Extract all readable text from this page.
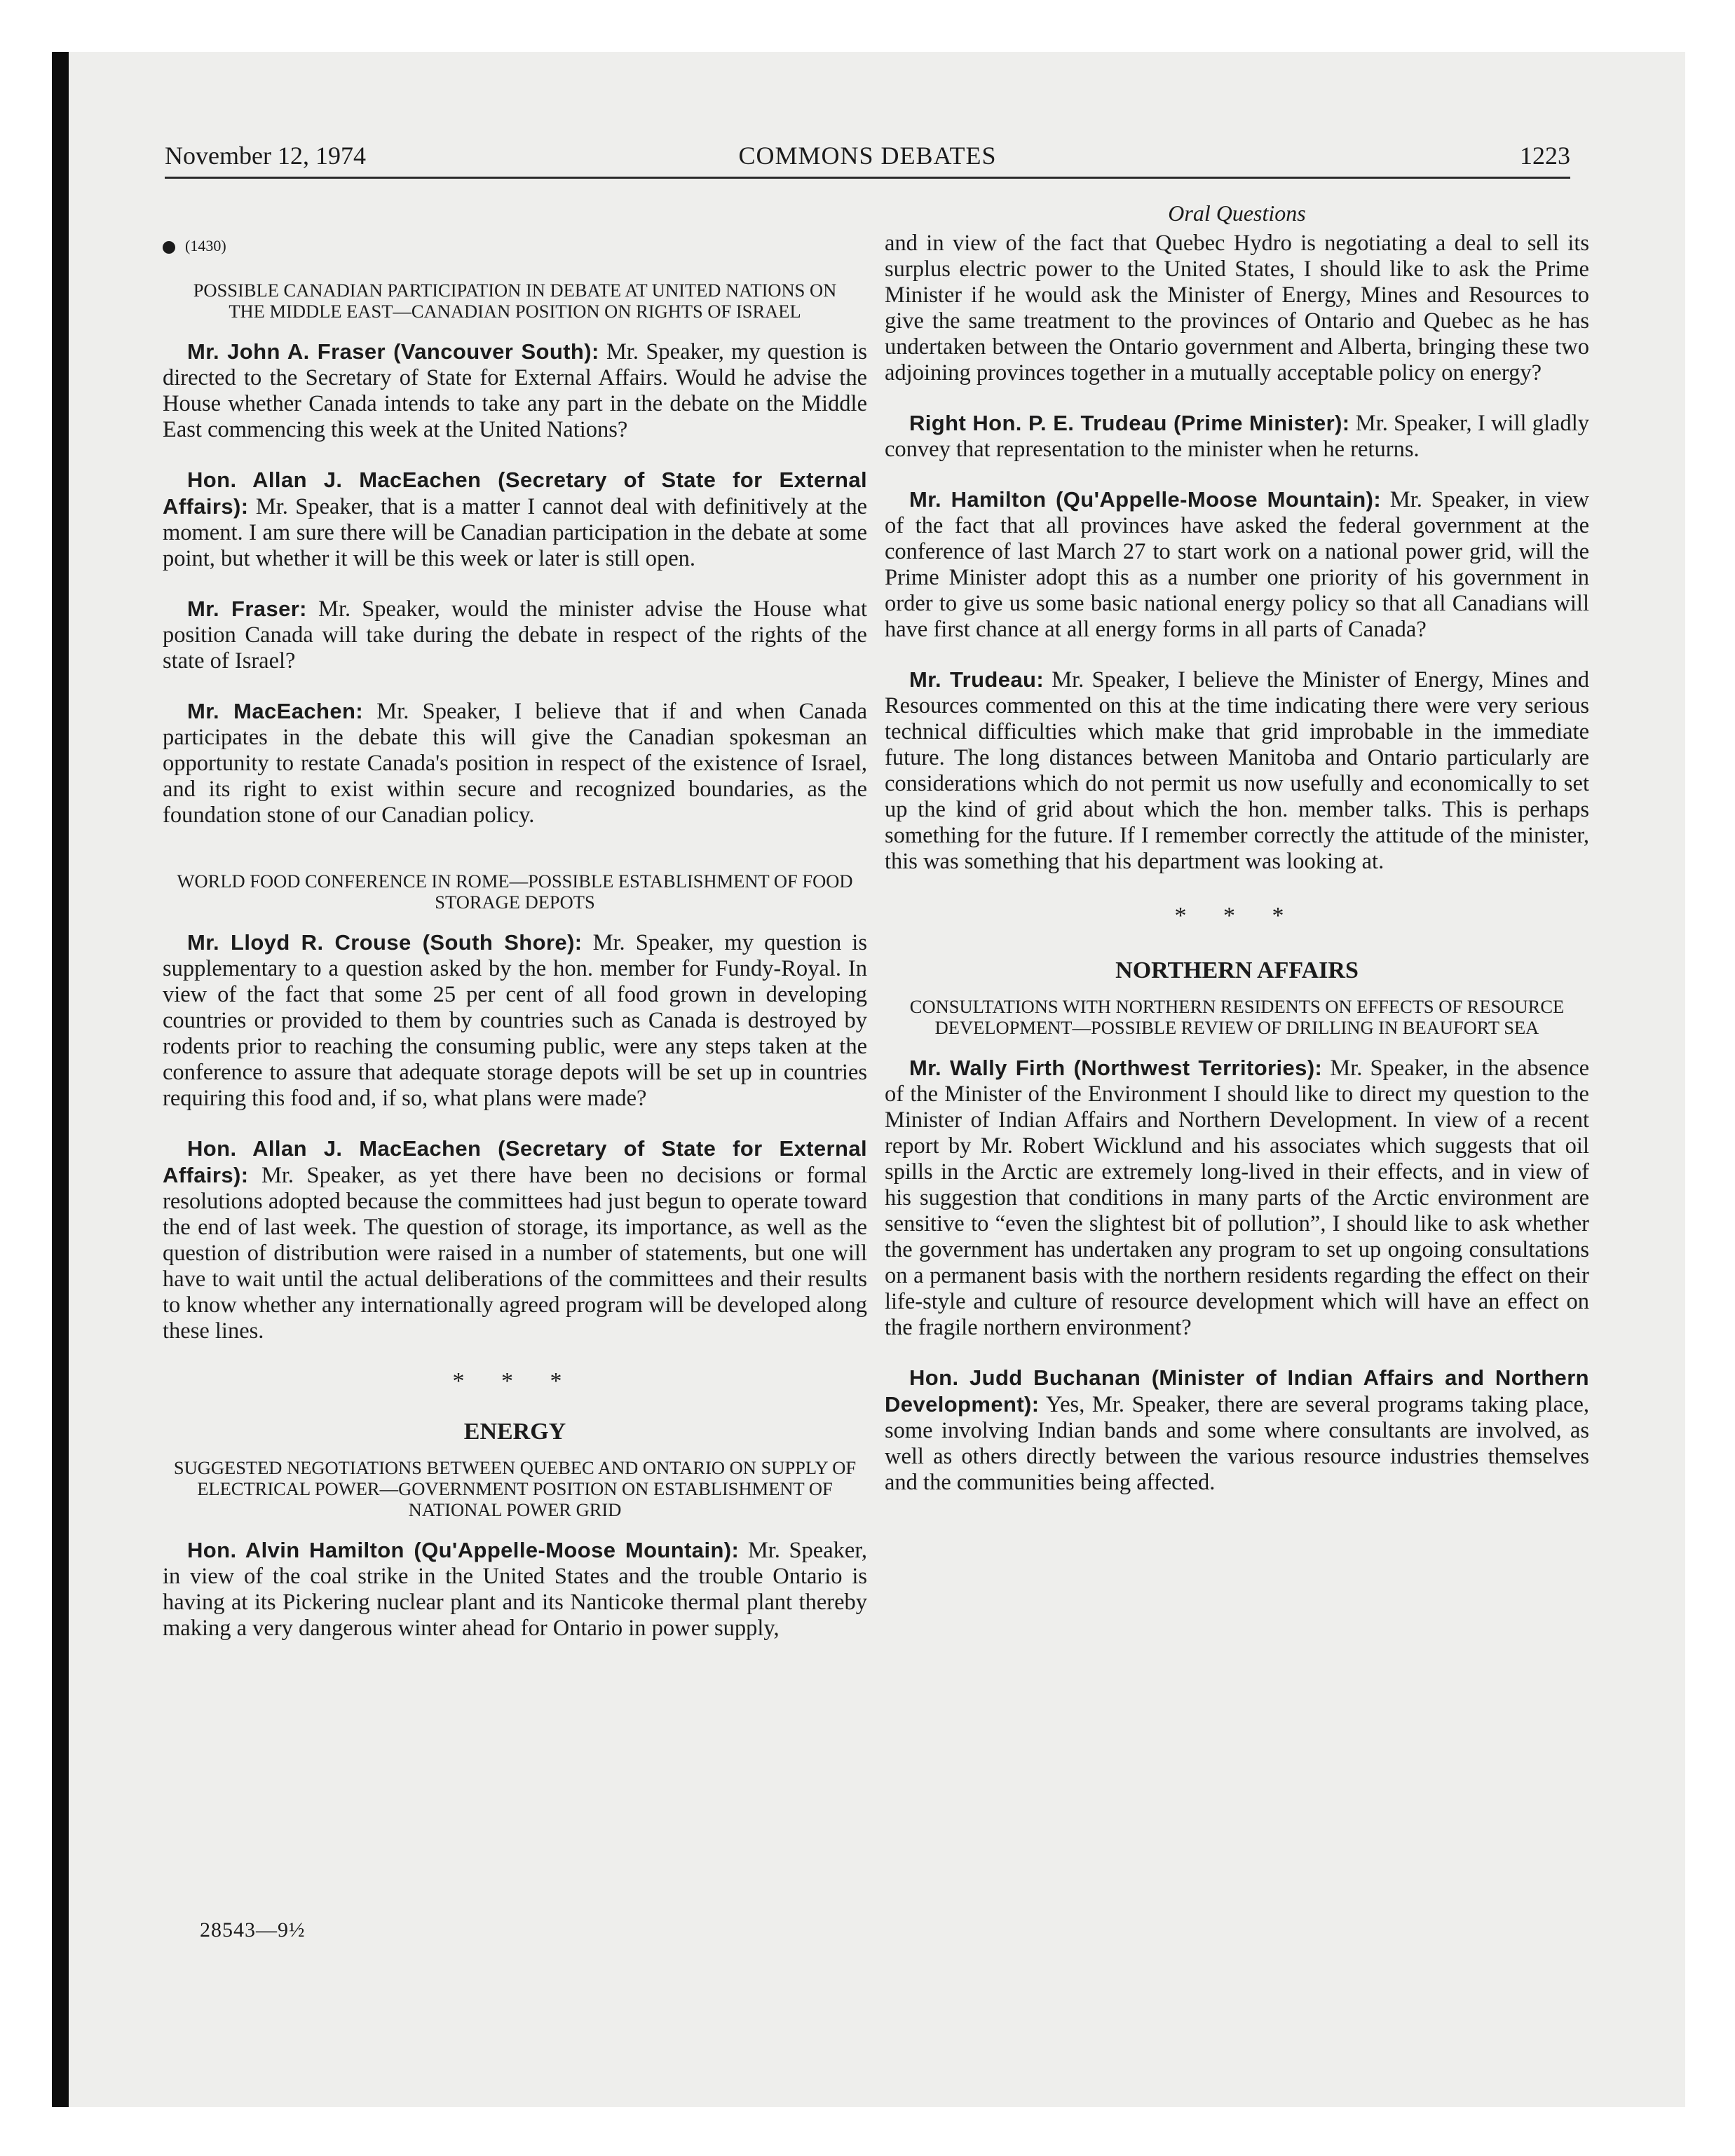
November 12, 1974	COMMONS DEBATES	1223
(1430)
POSSIBLE CANADIAN PARTICIPATION IN DEBATE AT UNITED NATIONS ON THE MIDDLE EAST—CANADIAN POSITION ON RIGHTS OF ISRAEL

Mr. John A. Fraser (Vancouver South): Mr. Speaker, my question is directed to the Secretary of State for External Affairs. Would he advise the House whether Canada intends to take any part in the debate on the Middle East commencing this week at the United Nations?

Hon. Allan J. MacEachen (Secretary of State for External Affairs): Mr. Speaker, that is a matter I cannot deal with definitively at the moment. I am sure there will be Canadian participation in the debate at some point, but whether it will be this week or later is still open.

Mr. Fraser: Mr. Speaker, would the minister advise the House what position Canada will take during the debate in respect of the rights of the state of Israel?

Mr. MacEachen: Mr. Speaker, I believe that if and when Canada participates in the debate this will give the Canadian spokesman an opportunity to restate Canada's position in respect of the existence of Israel, and its right to exist within secure and recognized boundaries, as the foundation stone of our Canadian policy.

WORLD FOOD CONFERENCE IN ROME—POSSIBLE ESTABLISHMENT OF FOOD STORAGE DEPOTS

Mr. Lloyd R. Crouse (South Shore): Mr. Speaker, my question is supplementary to a question asked by the hon. member for Fundy-Royal. In view of the fact that some 25 per cent of all food grown in developing countries or provided to them by countries such as Canada is destroyed by rodents prior to reaching the consuming public, were any steps taken at the conference to assure that adequate storage depots will be set up in countries requiring this food and, if so, what plans were made?

Hon. Allan J. MacEachen (Secretary of State for External Affairs): Mr. Speaker, as yet there have been no decisions or formal resolutions adopted because the committees had just begun to operate toward the end of last week. The question of storage, its importance, as well as the question of distribution were raised in a number of statements, but one will have to wait until the actual deliberations of the committees and their results to know whether any internationally agreed program will be developed along these lines.

* * *
ENERGY
SUGGESTED NEGOTIATIONS BETWEEN QUEBEC AND ONTARIO ON SUPPLY OF ELECTRICAL POWER—GOVERNMENT POSITION ON ESTABLISHMENT OF NATIONAL POWER GRID

Hon. Alvin Hamilton (Qu'Appelle-Moose Mountain): Mr. Speaker, in view of the coal strike in the United States and the trouble Ontario is having at its Pickering nuclear plant and its Nanticoke thermal plant thereby making a very dangerous winter ahead for Ontario in power supply,

Oral Questions

and in view of the fact that Quebec Hydro is negotiating a deal to sell its surplus electric power to the United States, I should like to ask the Prime Minister if he would ask the Minister of Energy, Mines and Resources to give the same treatment to the provinces of Ontario and Quebec as he has undertaken between the Ontario government and Alberta, bringing these two adjoining provinces together in a mutually acceptable policy on energy?

Right Hon. P. E. Trudeau (Prime Minister): Mr. Speaker, I will gladly convey that representation to the minister when he returns.

Mr. Hamilton (Qu'Appelle-Moose Mountain): Mr. Speaker, in view of the fact that all provinces have asked the federal government at the conference of last March 27 to start work on a national power grid, will the Prime Minister adopt this as a number one priority of his government in order to give us some basic national energy policy so that all Canadians will have first chance at all energy forms in all parts of Canada?

Mr. Trudeau: Mr. Speaker, I believe the Minister of Energy, Mines and Resources commented on this at the time indicating there were very serious technical difficulties which make that grid improbable in the immediate future. The long distances between Manitoba and Ontario particularly are considerations which do not permit us now usefully and economically to set up the kind of grid about which the hon. member talks. This is perhaps something for the future. If I remember correctly the attitude of the minister, this was something that his department was looking at.

* * *
NORTHERN AFFAIRS
CONSULTATIONS WITH NORTHERN RESIDENTS ON EFFECTS OF RESOURCE DEVELOPMENT—POSSIBLE REVIEW OF DRILLING IN BEAUFORT SEA

Mr. Wally Firth (Northwest Territories): Mr. Speaker, in the absence of the Minister of the Environment I should like to direct my question to the Minister of Indian Affairs and Northern Development. In view of a recent report by Mr. Robert Wicklund and his associates which suggests that oil spills in the Arctic are extremely long-lived in their effects, and in view of his suggestion that conditions in many parts of the Arctic environment are sensitive to “even the slightest bit of pollution”, I should like to ask whether the government has undertaken any program to set up ongoing consultations on a permanent basis with the northern residents regarding the effect on their life-style and culture of resource development which will have an effect on the fragile northern environment?

Hon. Judd Buchanan (Minister of Indian Affairs and Northern Development): Yes, Mr. Speaker, there are several programs taking place, some involving Indian bands and some where consultants are involved, as well as others directly between the various resource industries themselves and the communities being affected.

28543—9½
